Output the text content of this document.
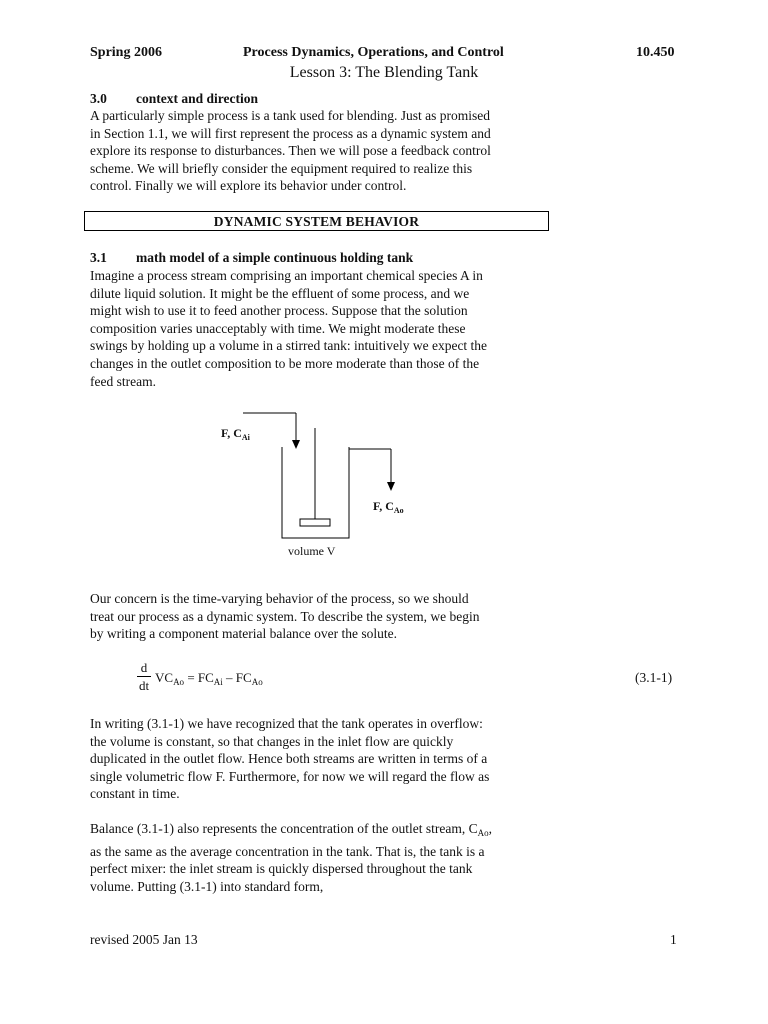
Spring 2006	Process Dynamics, Operations, and Control	10.450
Lesson 3: The Blending Tank
3.0 context and direction
A particularly simple process is a tank used for blending. Just as promised
in Section 1.1, we will first represent the process as a dynamic system and
explore its response to disturbances. Then we will pose a feedback control
scheme. We will briefly consider the equipment required to realize this
control. Finally we will explore its behavior under control.
DYNAMIC SYSTEM BEHAVIOR
3.1 math model of a simple continuous holding tank
Imagine a process stream comprising an important chemical species A in
dilute liquid solution. It might be the effluent of some process, and we
might wish to use it to feed another process. Suppose that the solution
composition varies unacceptably with time. We might moderate these
swings by holding up a volume in a stirred tank: intuitively we expect the
changes in the outlet composition to be more moderate than those of the
feed stream.
F, $C_{Ai}$
F, $C_{Ao}$
volume V
Our concern is the time-varying behavior of the process, so we should
treat our process as a dynamic system. To describe the system, we begin
by writing a component material balance over the solute.
d
dt
$VC_{Ao} = FC_{Ai} - FC_{Ao}$	(3.1-1)
In writing (3.1-1) we have recognized that the tank operates in overflow:
the volume is constant, so that changes in the inlet flow are quickly
duplicated in the outlet flow. Hence both streams are written in terms of a
single volumetric flow F. Furthermore, for now we will regard the flow as
constant in time.
Balance (3.1-1) also represents the concentration of the outlet stream, $C_{Ao}$,
as the same as the average concentration in the tank. That is, the tank is a
perfect mixer: the inlet stream is quickly dispersed throughout the tank
volume. Putting (3.1-1) into standard form,
revised 2005 Jan 13	1
